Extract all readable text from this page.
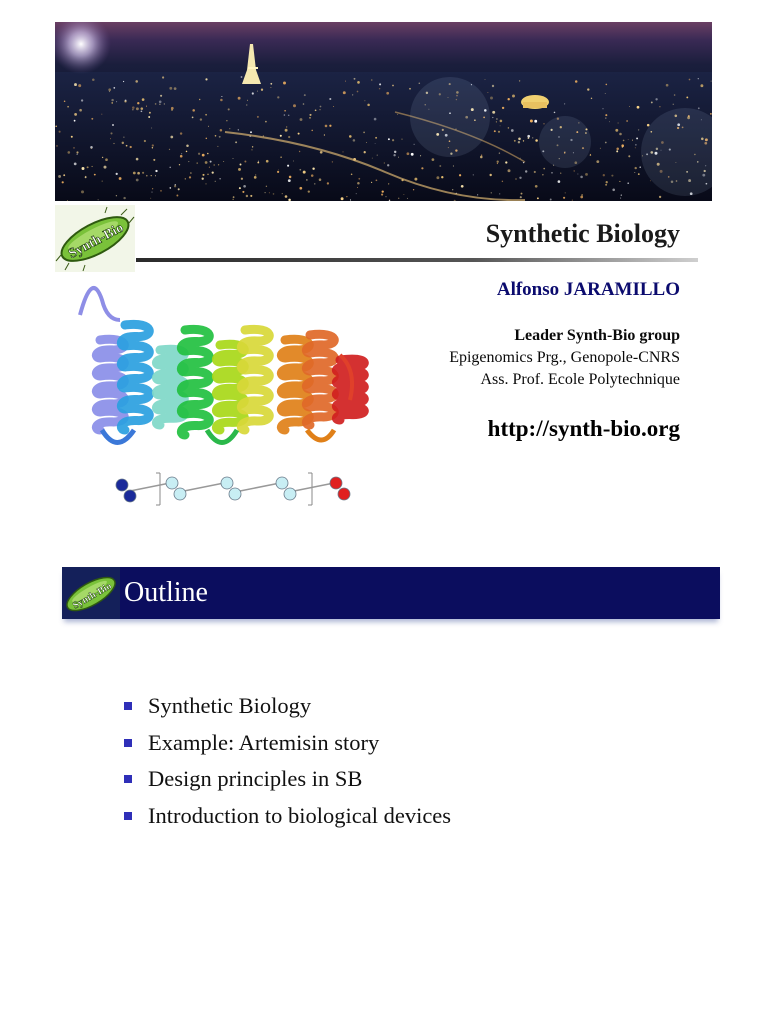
Synth-Bio	Synthetic Biology
Alfonso JARAMILLO
Leader Synth-Bio group
Epigenomics Prg., Genopole-CNRS
Ass. Prof. Ecole Polytechnique
http://synth-bio.org
Synth-Bio Outline
Synthetic Biology
Example: Artemisin story
Design principles in SB
Introduction to biological devices
